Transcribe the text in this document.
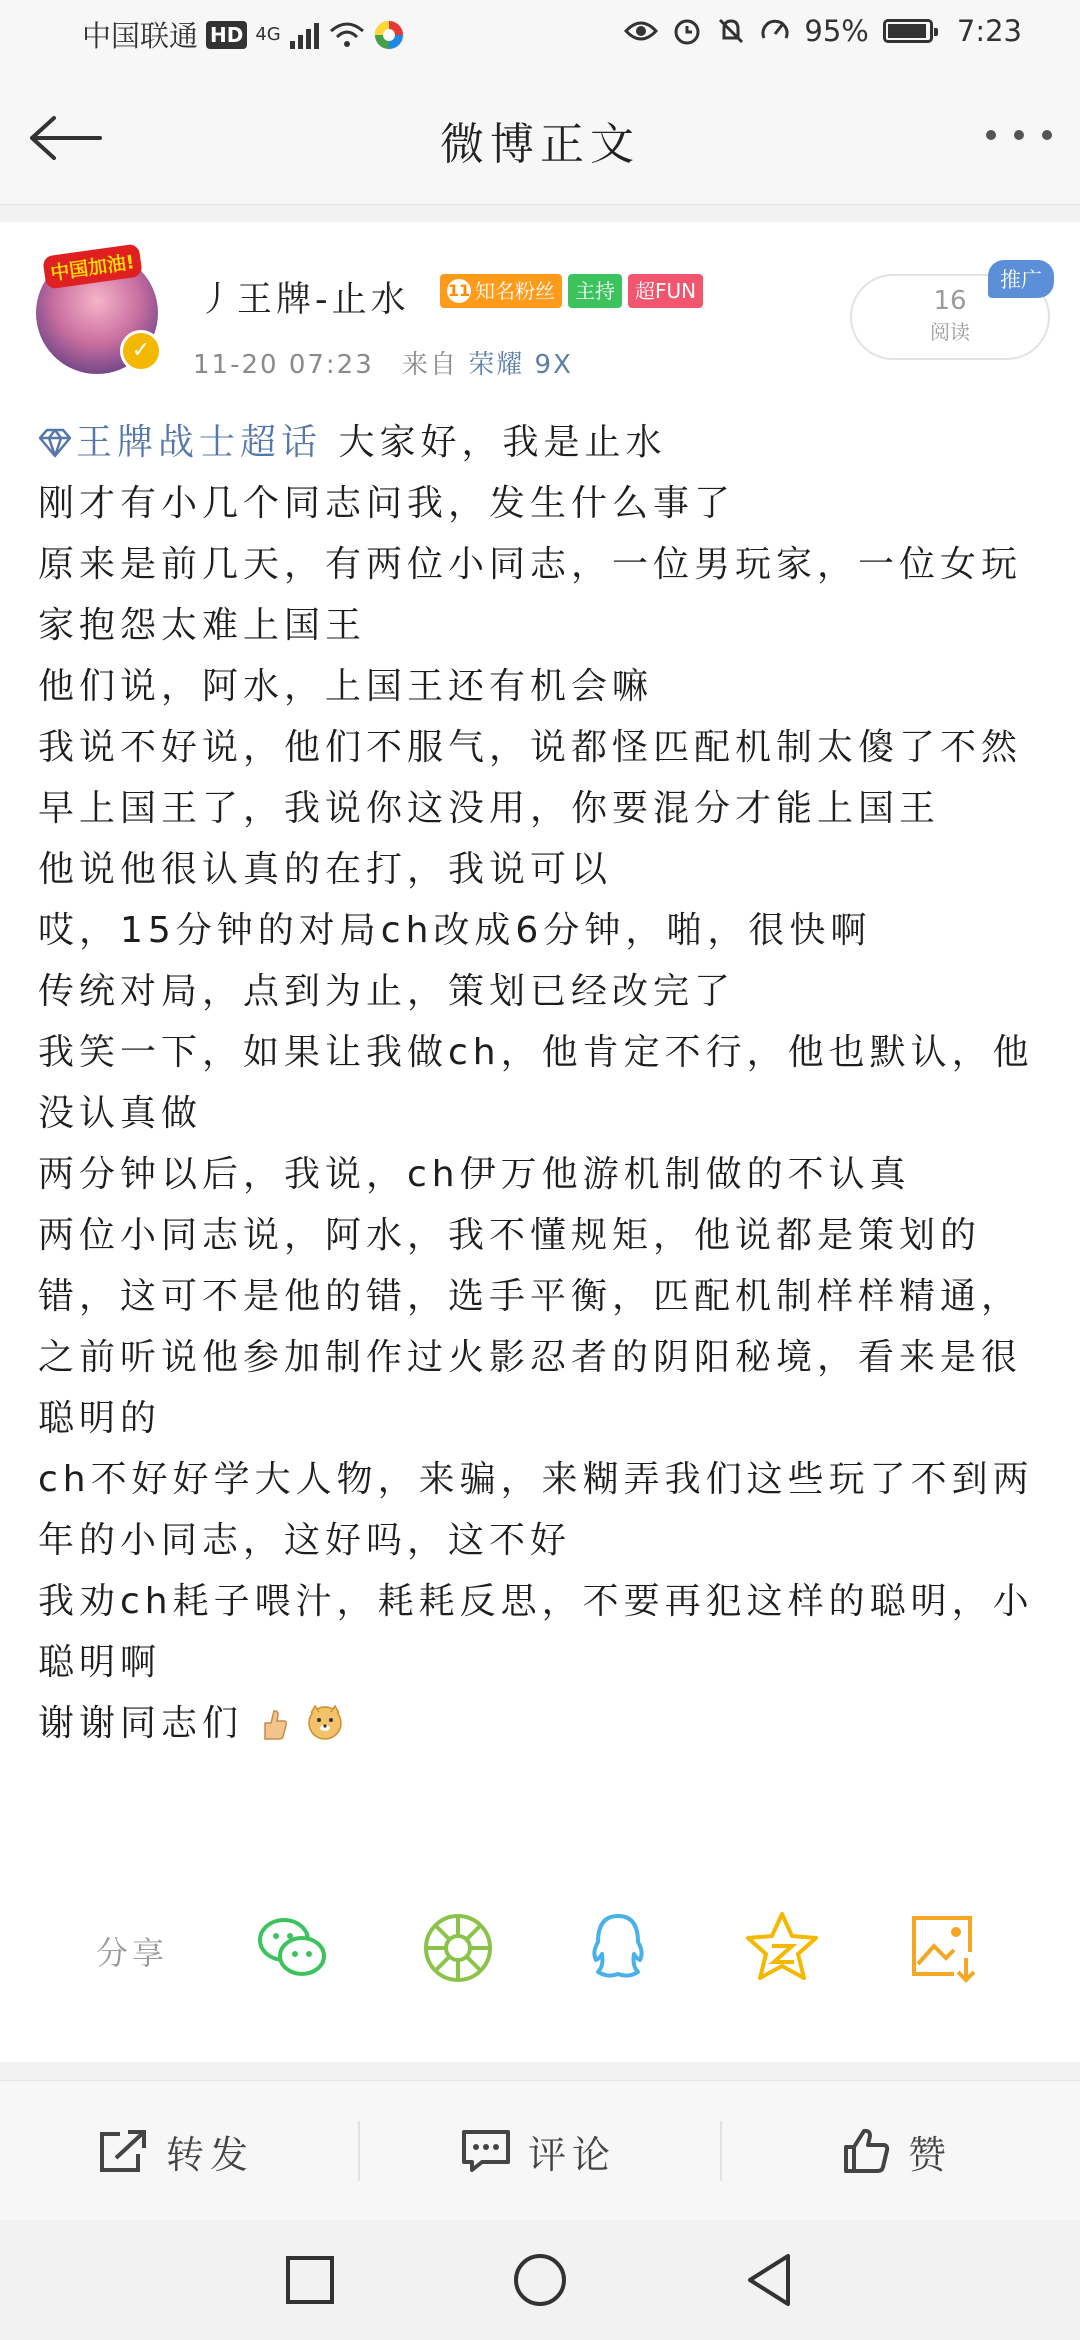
中国联通 HD 4G	95%	7:23
微博正文
中国加油!
✓
丿王牌-止水 11 知名粉丝	主持	超FUN
11-20 07:23 来自 荣耀 9X
16
阅读
推广

王牌战士超话 大家好，我是止水

刚才有小几个同志问我，发生什么事了

原来是前几天，有两位小同志，一位男玩家，一位女玩家抱怨太难上国王

他们说，阿水，上国王还有机会嘛

我说不好说，他们不服气，说都怪匹配机制太傻了不然早上国王了，我说你这没用，你要混分才能上国王

他说他很认真的在打，我说可以

哎，15分钟的对局ch改成6分钟，啪，很快啊

传统对局，点到为止，策划已经改完了

我笑一下，如果让我做ch，他肯定不行，他也默认，他没认真做

两分钟以后，我说，ch伊万他游机制做的不认真

两位小同志说，阿水，我不懂规矩，他说都是策划的错，这可不是他的错，选手平衡，匹配机制样样精通，之前听说他参加制作过火影忍者的阴阳秘境，看来是很聪明的

ch不好好学大人物，来骗，来糊弄我们这些玩了不到两年的小同志，这好吗，这不好

我劝ch耗子喂汁，耗耗反思，不要再犯这样的聪明，小聪明啊

谢谢同志们

分享
转发	评论	赞
